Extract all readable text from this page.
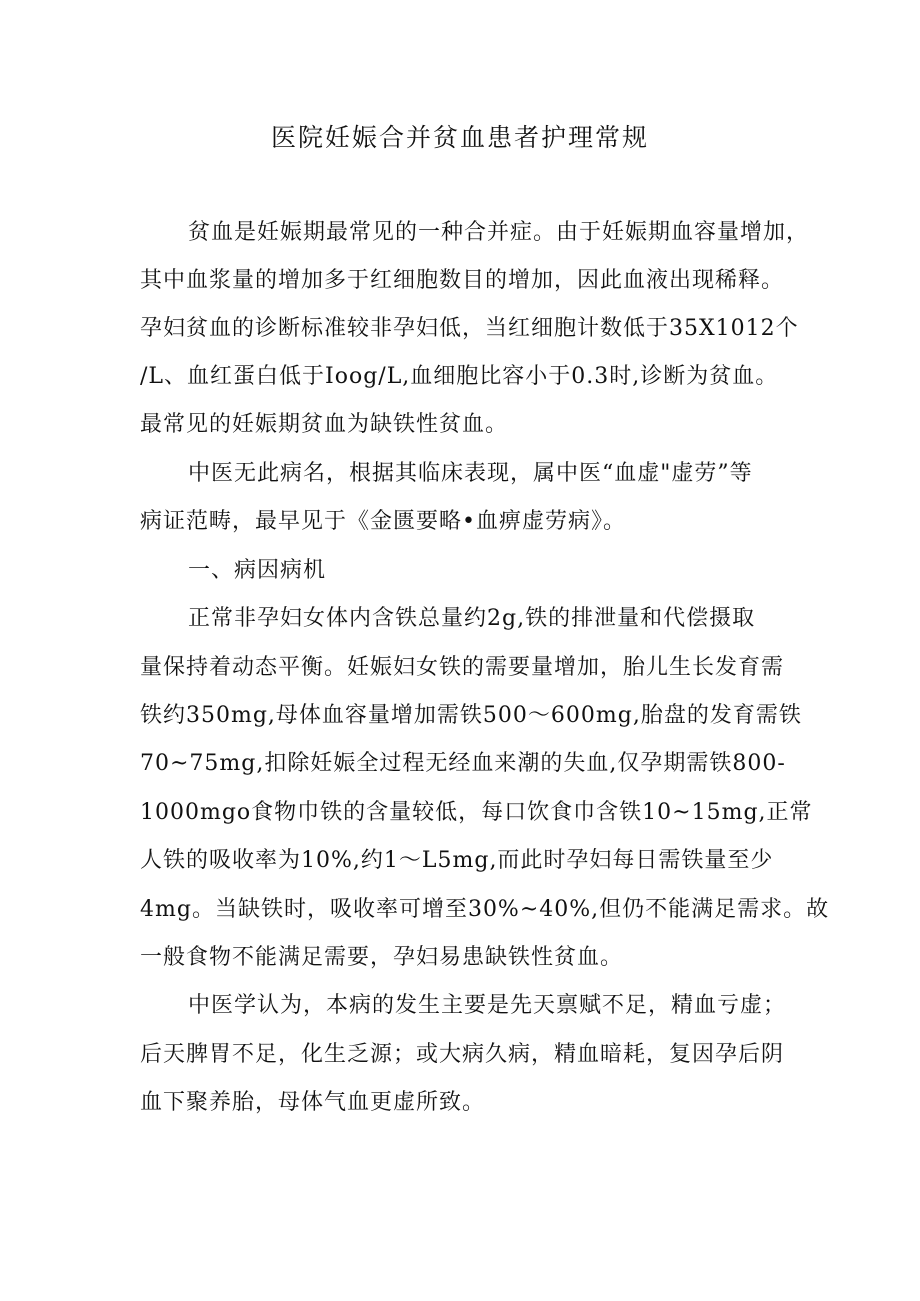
医院妊娠合并贫血患者护理常规

贫血是妊娠期最常见的一种合并症。由于妊娠期血容量增加，

其中血浆量的增加多于红细胞数目的增加，因此血液出现稀释。

孕妇贫血的诊断标准较非孕妇低，当红细胞计数低于35X1012个

/L、血红蛋白低于Ioog/L,血细胞比容小于0.3时,诊断为贫血。

最常见的妊娠期贫血为缺铁性贫血。

中医无此病名，根据其临床表现，属中医“血虚"虚劳”等

病证范畴，最早见于《金匮要略•血痹虚劳病》。

一、病因病机

正常非孕妇女体内含铁总量约2g,铁的排泄量和代偿摄取

量保持着动态平衡。妊娠妇女铁的需要量增加，胎儿生长发育需

铁约350mg,母体血容量增加需铁500～600mg,胎盘的发育需铁

70~75mg,扣除妊娠全过程无经血来潮的失血,仅孕期需铁800-

1000mgo食物巾铁的含量较低，每口饮食巾含铁10~15mg,正常

人铁的吸收率为10%,约1～L5mg,而此时孕妇每日需铁量至少

4mg。当缺铁时，吸收率可增至30%~40%,但仍不能满足需求。故

一般食物不能满足需要，孕妇易患缺铁性贫血。

中医学认为，本病的发生主要是先天禀赋不足，精血亏虚；

后天脾胃不足，化生乏源；或大病久病，精血暗耗，复因孕后阴

血下聚养胎，母体气血更虚所致。
